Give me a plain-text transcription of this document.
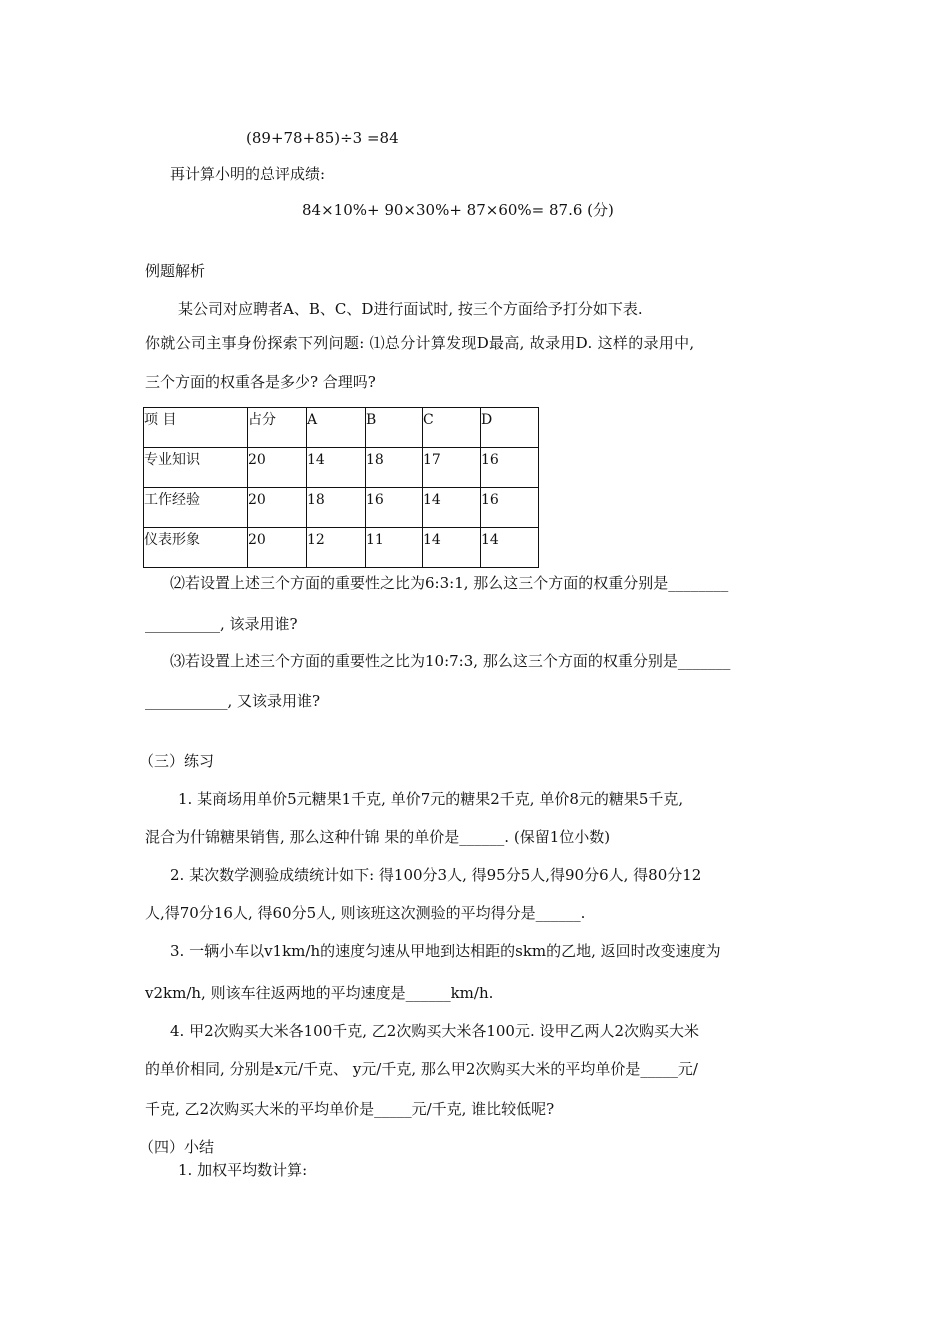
(89+78+85)÷3 =84
再计算小明的总评成绩:
84×10%+ 90×30%+ 87×60%= 87.6 (分)
例题解析
某公司对应聘者A、B、C、D进行面试时, 按三个方面给予打分如下表.
你就公司主事身份探索下列问题: ⑴总分计算发现D最高, 故录用D. 这样的录用中,
三个方面的权重各是多少? 合理吗?
项 目	占分	A	B	C	D
专业知识	20	14	18	17	16
工作经验	20	18	16	14	16
仪表形象	20	12	11	14	14
⑵若设置上述三个方面的重要性之比为6:3:1, 那么这三个方面的权重分别是________
__________, 该录用谁?
⑶若设置上述三个方面的重要性之比为10:7:3, 那么这三个方面的权重分别是_______
___________, 又该录用谁?
（三）练习
1. 某商场用单价5元糖果1千克, 单价7元的糖果2千克, 单价8元的糖果5千克,
混合为什锦糖果销售, 那么这种什锦 果的单价是______. (保留1位小数)
2. 某次数学测验成绩统计如下: 得100分3人, 得95分5人,得90分6人, 得80分12
人,得70分16人, 得60分5人, 则该班这次测验的平均得分是______.
3. 一辆小车以v1km/h的速度匀速从甲地到达相距的skm的乙地, 返回时改变速度为
v2km/h, 则该车往返两地的平均速度是______km/h.
4. 甲2次购买大米各100千克, 乙2次购买大米各100元. 设甲乙两人2次购买大米
的单价相同, 分别是x元/千克、 y元/千克, 那么甲2次购买大米的平均单价是_____元/
千克, 乙2次购买大米的平均单价是_____元/千克, 谁比较低呢?
（四）小结
1. 加权平均数计算:
